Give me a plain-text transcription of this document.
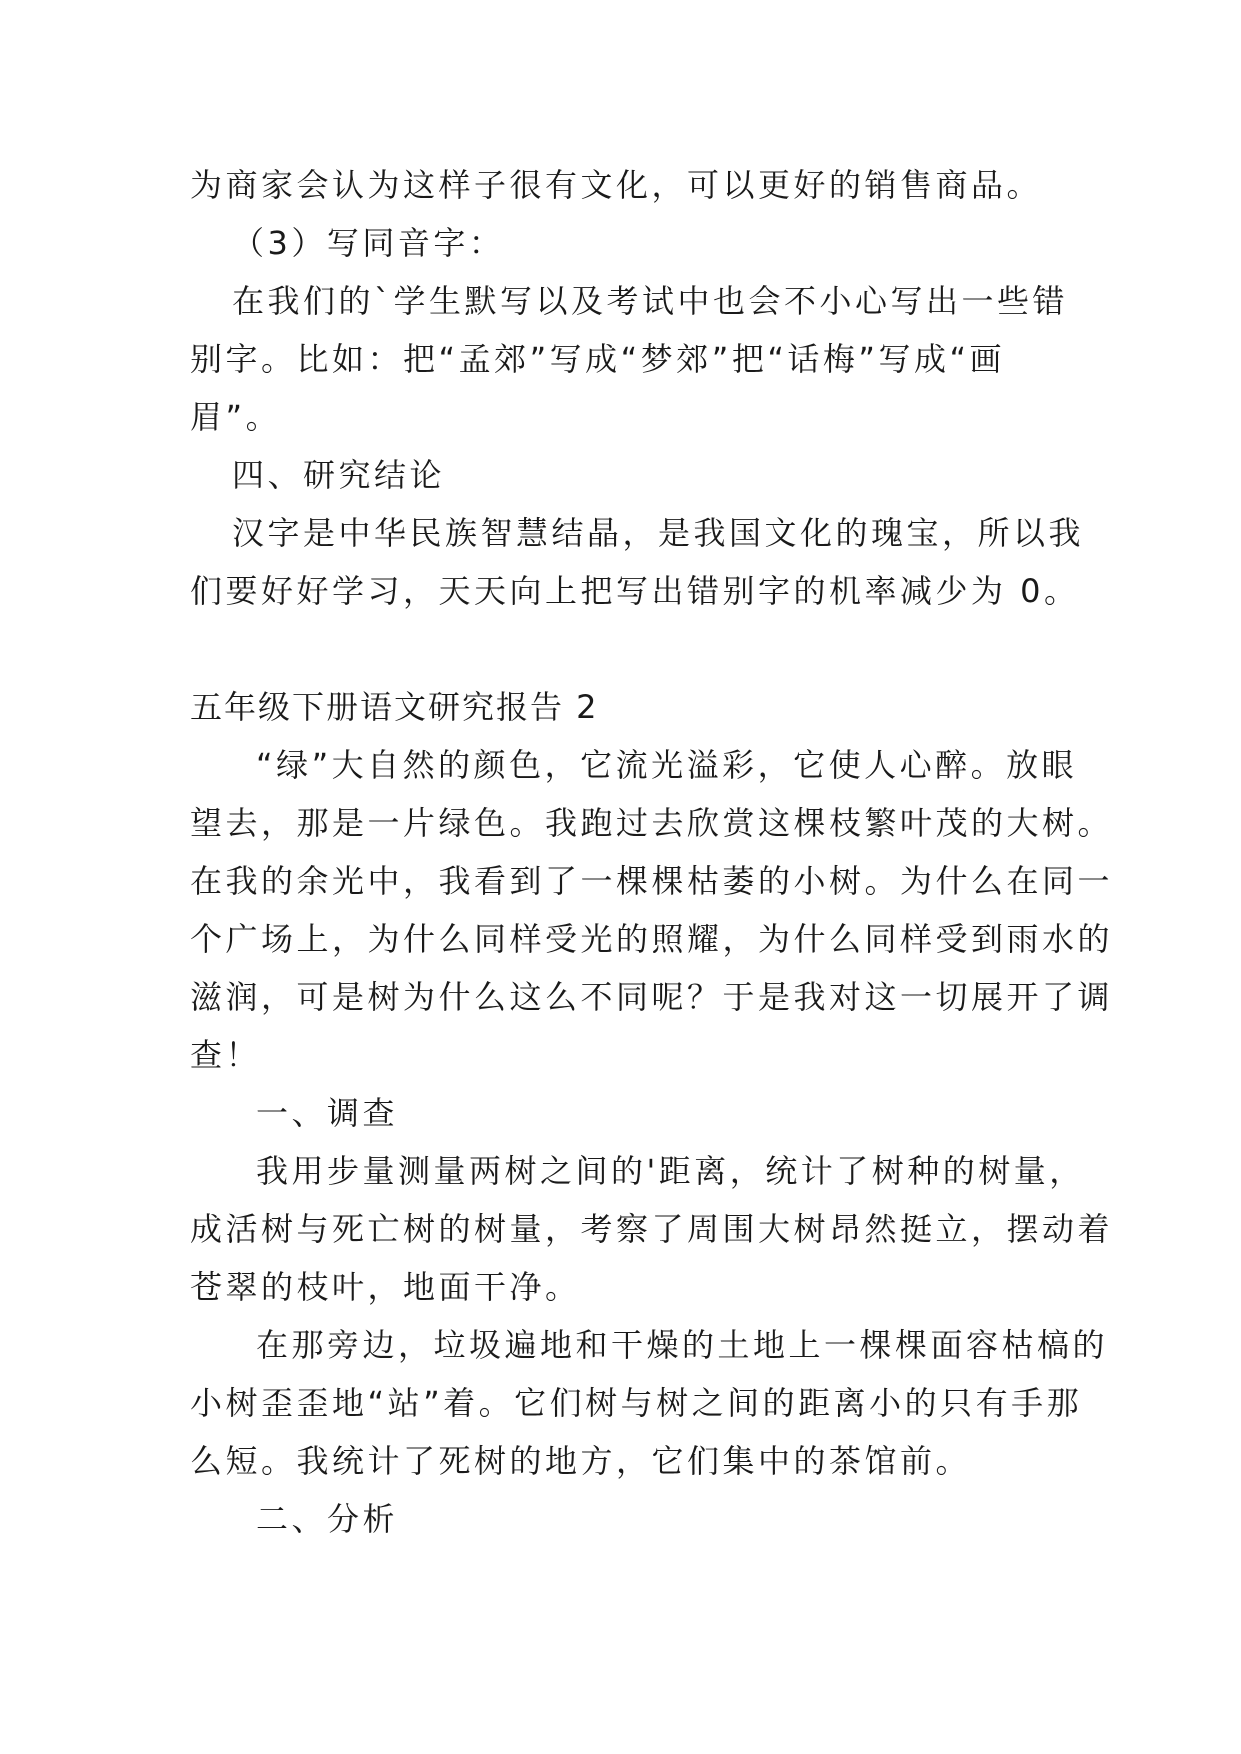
为商家会认为这样子很有文化，可以更好的销售商品。
（3）写同音字：
在我们的`学生默写以及考试中也会不小心写出一些错
别字。比如：把“孟郊”写成“梦郊”把“话梅”写成“画
眉”。
四、研究结论
汉字是中华民族智慧结晶，是我国文化的瑰宝，所以我
们要好好学习，天天向上把写出错别字的机率减少为 0。
五年级下册语文研究报告 2
“绿”大自然的颜色，它流光溢彩，它使人心醉。放眼
望去，那是一片绿色。我跑过去欣赏这棵枝繁叶茂的大树。
在我的余光中，我看到了一棵棵枯萎的小树。为什么在同一
个广场上，为什么同样受光的照耀，为什么同样受到雨水的
滋润，可是树为什么这么不同呢？于是我对这一切展开了调
查！
一、调查
我用步量测量两树之间的'距离，统计了树种的树量，
成活树与死亡树的树量，考察了周围大树昂然挺立，摆动着
苍翠的枝叶，地面干净。
在那旁边，垃圾遍地和干燥的土地上一棵棵面容枯槁的
小树歪歪地“站”着。它们树与树之间的距离小的只有手那
么短。我统计了死树的地方，它们集中的茶馆前。
二、分析
